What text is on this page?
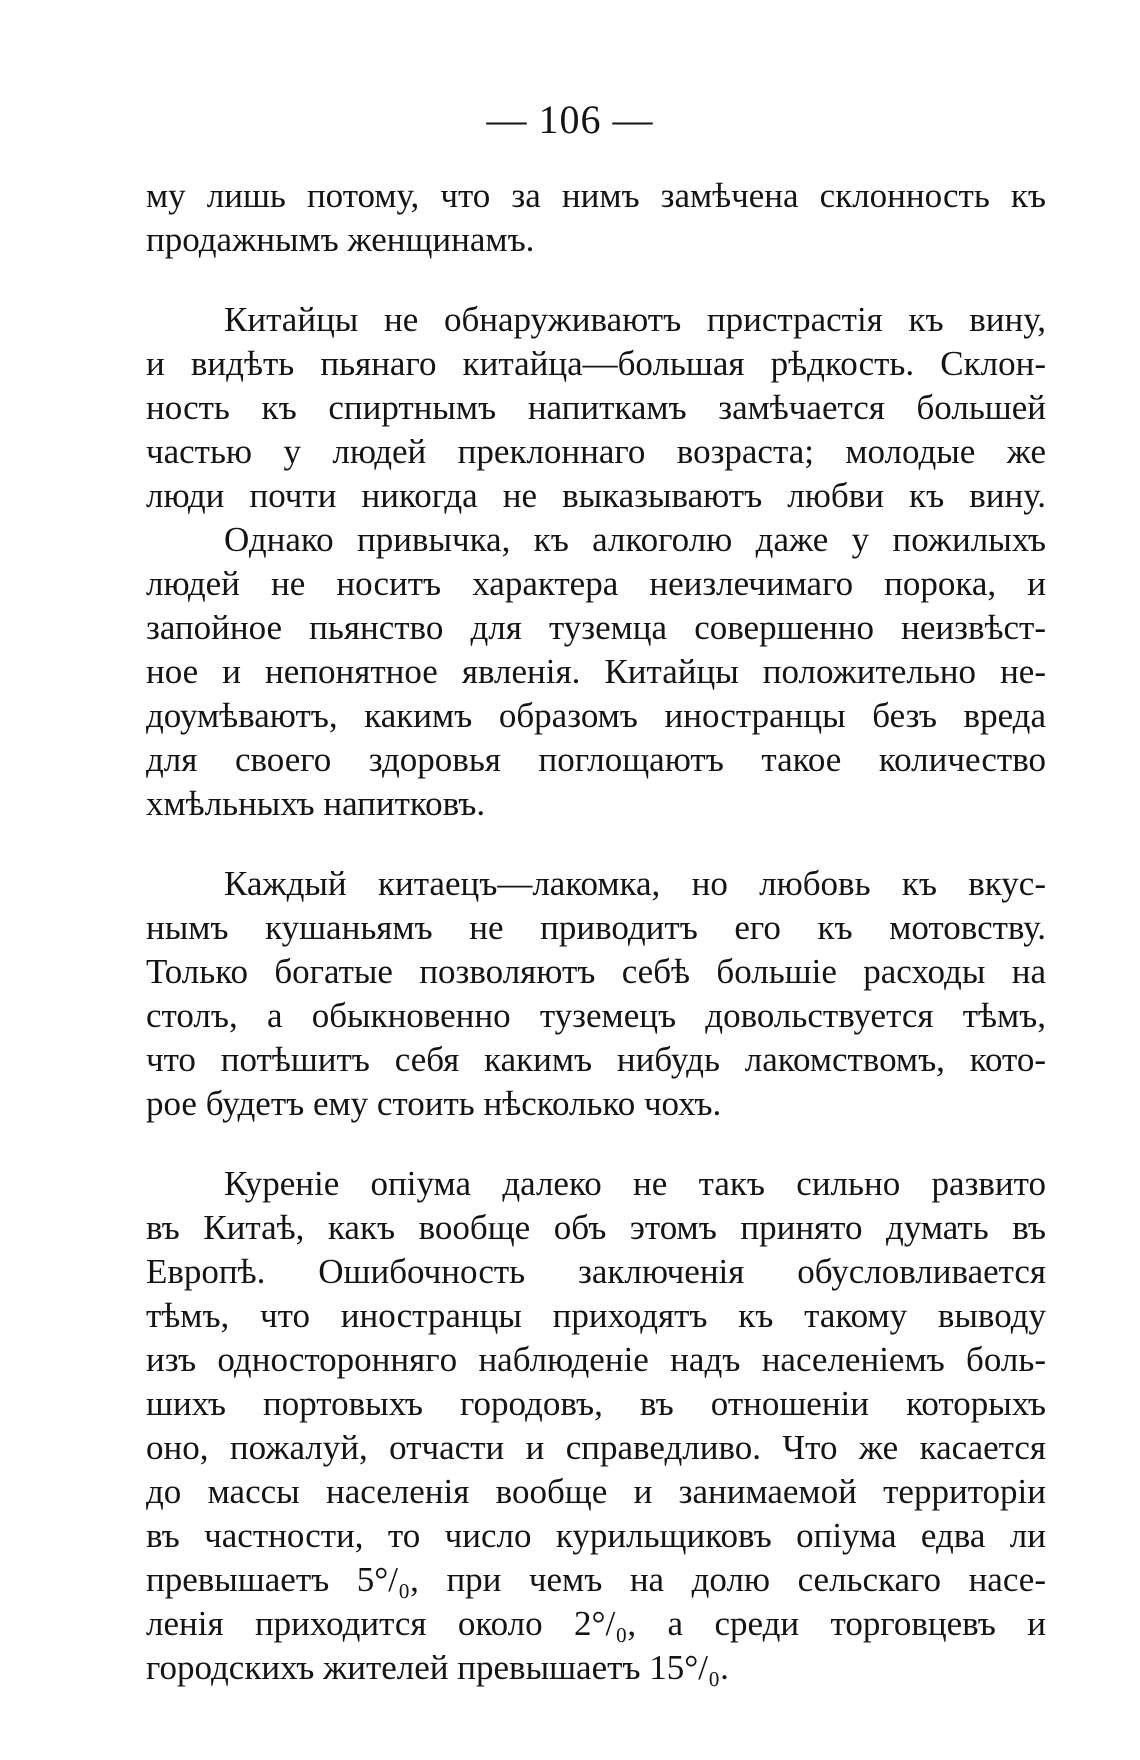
— 106 —
му лишь потому, что за нимъ замѣчена склонность къ
продажнымъ женщинамъ.
Китайцы не обнаруживаютъ пристрастія къ вину,
и видѣть пьянаго китайца—большая рѣдкость. Склон-
ность къ спиртнымъ напиткамъ замѣчается большей
частью у людей преклоннаго возраста; молодые же
люди почти никогда не выказываютъ любви къ вину.
Однако привычка, къ алкоголю даже у пожилыхъ
людей не носитъ характера неизлечимаго порока, и
запойное пьянство для туземца совершенно неизвѣст-
ное и непонятное явленія. Китайцы положительно не-
доумѣваютъ, какимъ образомъ иностранцы безъ вреда
для своего здоровья поглощаютъ такое количество
хмѣльныхъ напитковъ.
Каждый китаецъ—лакомка, но любовь къ вкус-
нымъ кушаньямъ не приводитъ его къ мотовству.
Только богатые позволяютъ себѣ большіе расходы на
столъ, а обыкновенно туземецъ довольствуется тѣмъ,
что потѣшитъ себя какимъ нибудь лакомствомъ, кото-
рое будетъ ему стоить нѣсколько чохъ.
Куреніе опіума далеко не такъ сильно развито
въ Китаѣ, какъ вообще объ этомъ принято думать въ
Европѣ. Ошибочность заключенія обусловливается
тѣмъ, что иностранцы приходятъ къ такому выводу
изъ одностороннягo наблюденіе надъ населеніемъ боль-
шихъ портовыхъ городовъ, въ отношеніи которыхъ
оно, пожалуй, отчасти и справедливо. Что же касается
до массы населенія вообще и занимаемой территоріи
въ частности, то число курильщиковъ опіума едва ли
превышаетъ 5°/₀, при чемъ на долю сельскаго насе-
ленія приходится около 2°/₀, а среди торговцевъ и
городскихъ жителей превышаетъ 15°/₀.
